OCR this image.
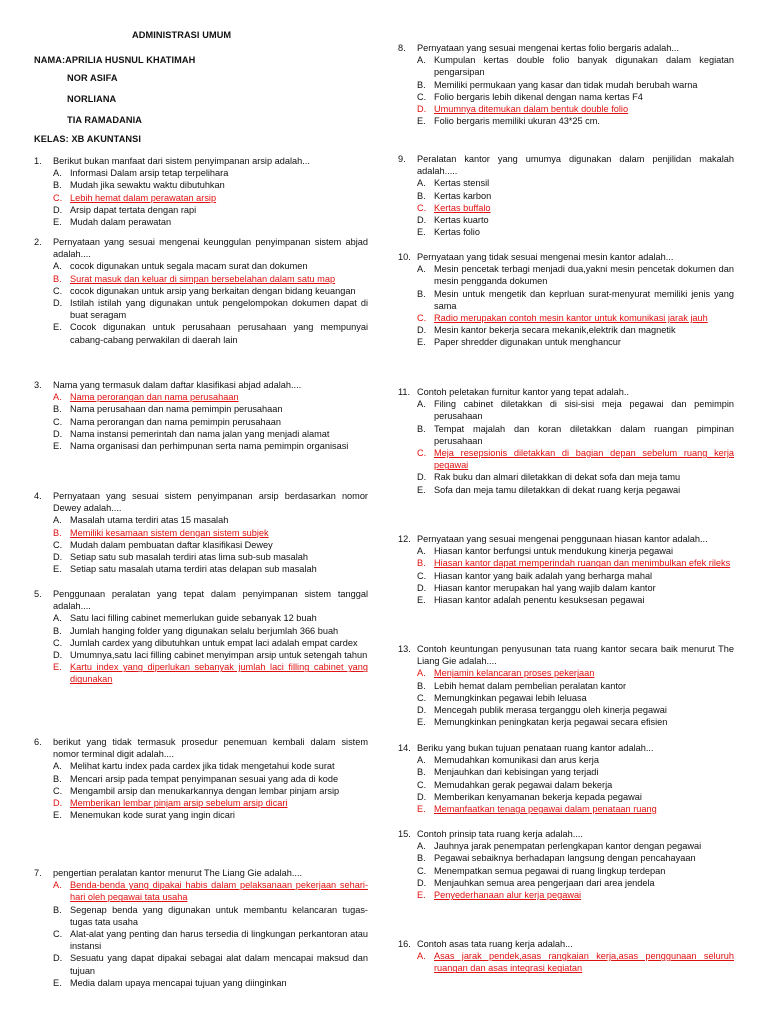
ADMINISTRASI UMUM
NAMA:APRILIA HUSNUL KHATIMAH
NOR ASIFA
NORLIANA
TIA RAMADANIA
KELAS: XB AKUNTANSI
1.	Berikut bukan manfaat dari sistem penyimpanan arsip adalah...
A. Informasi Dalam arsip tetap terpelihara
B. Mudah jika sewaktu waktu dibutuhkan
C. Lebih hemat dalam perawatan arsip
D. Arsip dapat tertata dengan rapi
E. Mudah dalam perawatan
2.	Pernyataan yang sesuai mengenai keunggulan penyimpanan sistem abjad adalah....
A. cocok digunakan untuk segala macam surat dan dokumen
B. Surat masuk dan keluar di simpan bersebelahan dalam satu map
C. cocok digunakan untuk arsip yang berkaitan dengan bidang keuangan
D. Istilah istilah yang digunakan untuk pengelompokan dokumen dapat di buat seragam
E. Cocok digunakan untuk perusahaan perusahaan yang mempunyai cabang-cabang perwakilan di daerah lain
3.	Nama yang termasuk dalam daftar klasifikasi abjad adalah....
A. Nama perorangan dan nama perusahaan
B. Nama perusahaan dan nama pemimpin perusahaan
C. Nama perorangan dan nama pemimpin perusahaan
D. Nama instansi pemerintah dan nama jalan yang menjadi alamat
E. Nama organisasi dan perhimpunan serta nama pemimpin organisasi
4.	Pernyataan yang sesuai sistem penyimpanan arsip berdasarkan nomor Dewey adalah....
A. Masalah utama terdiri atas 15 masalah
B. Memiliki kesamaan sistem dengan sistem subjek
C. Mudah dalam pembuatan daftar klasifikasi Dewey
D. Setiap satu sub masalah terdiri atas lima sub-sub masalah
E. Setiap satu masalah utama terdiri atas delapan sub masalah
5.	Penggunaan peralatan yang tepat dalam penyimpanan sistem tanggal adalah....
A. Satu laci filling cabinet memerlukan guide sebanyak 12 buah
B. Jumlah hanging folder yang digunakan selalu berjumlah 366 buah
C. Jumlah cardex yang dibutuhkan untuk empat laci adalah empat cardex
D. Umumnya,satu laci filling cabinet menyimpan arsip untuk setengah tahun
E. Kartu index yang diperlukan sebanyak jumlah laci filling cabinet yang digunakan
6.	berikut yang tidak termasuk prosedur penemuan kembali dalam sistem nomor terminal digit adalah....
A. Melihat kartu index pada cardex jika tidak mengetahui kode surat
B. Mencari arsip pada tempat penyimpanan sesuai yang ada di kode
C. Mengambil arsip dan menukarkannya dengan lembar pinjam arsip
D. Memberikan lembar pinjam arsip sebelum arsip dicari
E. Menemukan kode surat yang ingin dicari
7.	pengertian peralatan kantor menurut The Liang Gie adalah....
A. Benda-benda yang dipakai habis dalam pelaksanaan pekerjaan sehari-hari oleh pegawai tata usaha
B. Segenap benda yang digunakan untuk membantu kelancaran tugas-tugas tata usaha
C. Alat-alat yang penting dan harus tersedia di lingkungan perkantoran atau instansi
D. Sesuatu yang dapat dipakai sebagai alat dalam mencapai maksud dan tujuan
E. Media dalam upaya mencapai tujuan yang diinginkan
8.	Pernyataan yang sesuai mengenai kertas folio bergaris adalah...
A. Kumpulan kertas double folio banyak digunakan dalam kegiatan pengarsipan
B. Memiliki permukaan yang kasar dan tidak mudah berubah warna
C. Folio bergaris lebih dikenal dengan nama kertas F4
D. Umumnya ditemukan dalam bentuk double folio
E. Folio bergaris memiliki ukuran 43*25 cm.
9.	Peralatan kantor yang umumya digunakan dalam penjilidan makalah adalah.....
A. Kertas stensil
B. Kertas karbon
C. Kertas buffalo
D. Kertas kuarto
E. Kertas folio
10. Pernyataan yang tidak sesuai mengenai mesin kantor adalah...
A. Mesin pencetak terbagi menjadi dua,yakni mesin pencetak dokumen dan mesin pengganda dokumen
B. Mesin untuk mengetik dan keprluan surat-menyurat memiliki jenis yang sama
C. Radio merupakan contoh mesin kantor untuk komunikasi jarak jauh
D. Mesin kantor bekerja secara mekanik,elektrik dan magnetik
E. Paper shredder digunakan untuk menghancur
11. Contoh peletakan furnitur kantor yang tepat adalah..
A. Filing cabinet diletakkan di sisi-sisi meja pegawai dan pemimpin perusahaan
B. Tempat majalah dan koran diletakkan dalam ruangan pimpinan perusahaan
C. Meja resepsionis diletakkan di bagian depan sebelum ruang kerja pegawai
D. Rak buku dan almari diletakkan di dekat sofa dan meja tamu
E. Sofa dan meja tamu diletakkan di dekat ruang kerja pegawai
12. Pernyataan yang sesuai mengenai penggunaan hiasan kantor adalah...
A. Hiasan kantor berfungsi untuk mendukung kinerja pegawai
B. Hiasan kantor dapat memperindah ruangan dan menimbulkan efek rileks
C. Hiasan kantor yang baik adalah yang berharga mahal
D. Hiasan kantor merupakan hal yang wajib dalam kantor
E. Hiasan kantor adalah penentu kesuksesan pegawai
13. Contoh keuntungan penyusunan tata ruang kantor secara baik menurut The Liang Gie adalah....
A. Menjamin kelancaran proses pekerjaan
B. Lebih hemat dalam pembelian peralatan kantor
C. Memungkinkan pegawai lebih leluasa
D. Mencegah publik merasa terganggu oleh kinerja pegawai
E. Memungkinkan peningkatan kerja pegawai secara efisien
14. Beriku yang bukan tujuan penataan ruang kantor adalah...
A. Memudahkan komunikasi dan arus kerja
B. Menjauhkan dari kebisingan yang terjadi
C. Memudahkan gerak pegawai dalam bekerja
D. Memberikan kenyamanan bekerja kepada pegawai
E. Memanfaatkan tenaga pegawai dalam penataan ruang
15. Contoh prinsip tata ruang kerja adalah....
A. Jauhnya jarak penempatan perlengkapan kantor dengan pegawai
B. Pegawai sebaiknya berhadapan langsung dengan pencahayaan
C. Menempatkan semua pegawai di ruang lingkup terdepan
D. Menjauhkan semua area pengerjaan dari area jendela
E. Penyederhanaan alur kerja pegawai
16. Contoh asas tata ruang kerja adalah...
A. Asas jarak pendek,asas rangkaian kerja,asas penggunaan seluruh ruangan dan asas integrasi kegiatan
